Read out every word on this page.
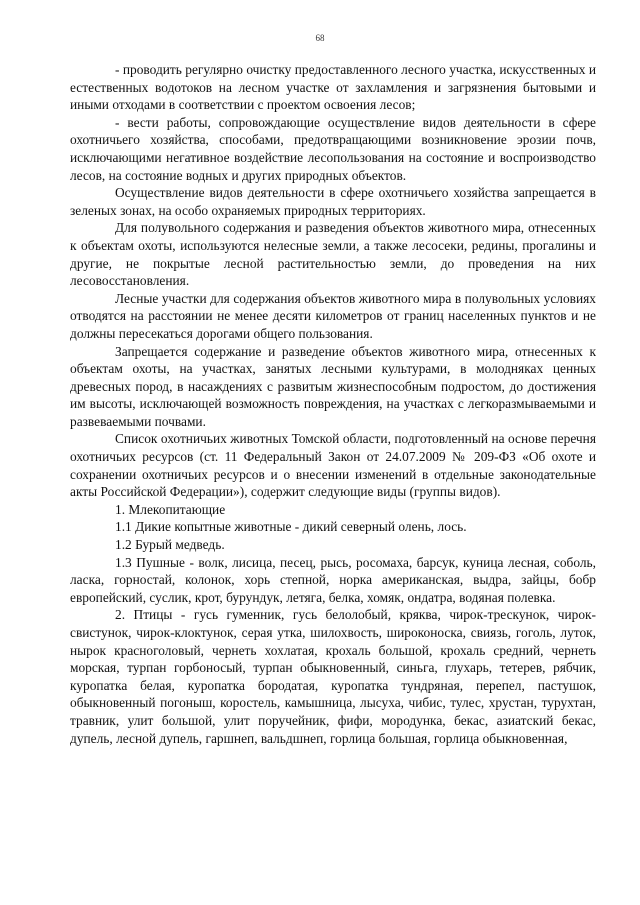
68

- проводить регулярно очистку предоставленного лесного участка, искусственных и естественных водотоков на лесном участке от захламления и загрязнения бытовыми и иными отходами в соответствии с проектом освоения лесов;

- вести работы, сопровождающие осуществление видов деятельности в сфере охотничьего хозяйства, способами, предотвращающими возникновение эрозии почв, исключающими негативное воздействие лесопользования на состояние и воспроизводство лесов, на состояние водных и других природных объектов.

Осуществление видов деятельности в сфере охотничьего хозяйства запрещается в зеленых зонах, на особо охраняемых природных территориях.

Для полувольного содержания и разведения объектов животного мира, отнесенных к объектам охоты, используются нелесные земли, а также лесосеки, редины, прогалины и другие, не покрытые лесной растительностью земли, до проведения на них лесовосстановления.

Лесные участки для содержания объектов животного мира в полувольных условиях отводятся на расстоянии не менее десяти километров от границ населенных пунктов и не должны пересекаться дорогами общего пользования.

Запрещается содержание и разведение объектов животного мира, отнесенных к объектам охоты, на участках, занятых лесными культурами, в молодняках ценных древесных пород, в насаждениях с развитым жизнеспособным подростом, до достижения им высоты, исключающей возможность повреждения, на участках с легкоразмываемыми и развеваемыми почвами.

Список охотничьих животных Томской области, подготовленный на основе перечня охотничьих ресурсов (ст. 11 Федеральный Закон от 24.07.2009 № 209-ФЗ «Об охоте и сохранении охотничьих ресурсов и о внесении изменений в отдельные законодательные акты Российской Федерации»), содержит следующие виды (группы видов).

1. Млекопитающие

1.1 Дикие копытные животные - дикий северный олень, лось.

1.2 Бурый медведь.

1.3 Пушные - волк, лисица, песец, рысь, росомаха, барсук, куница лесная, соболь, ласка, горностай, колонок, хорь степной, норка американская, выдра, зайцы, бобр европейский, суслик, крот, бурундук, летяга, белка, хомяк, ондатра, водяная полевка.

2. Птицы - гусь гуменник, гусь белолобый, кряква, чирок-трескунок, чирок-свистунок, чирок-клоктунок, серая утка, шилохвость, широконоска, свиязь, гоголь, луток, нырок красноголовый, чернеть хохлатая, крохаль большой, крохаль средний, чернеть морская, турпан горбоносый, турпан обыкновенный, синьга, глухарь, тетерев, рябчик, куропатка белая, куропатка бородатая, куропатка тундряная, перепел, пастушок, обыкновенный погоныш, коростель, камышница, лысуха, чибис, тулес, хрустан, турухтан, травник, улит большой, улит поручейник, фифи, мородунка, бекас, азиатский бекас, дупель, лесной дупель, гаршнеп, вальдшнеп, горлица большая, горлица обыкновенная,
